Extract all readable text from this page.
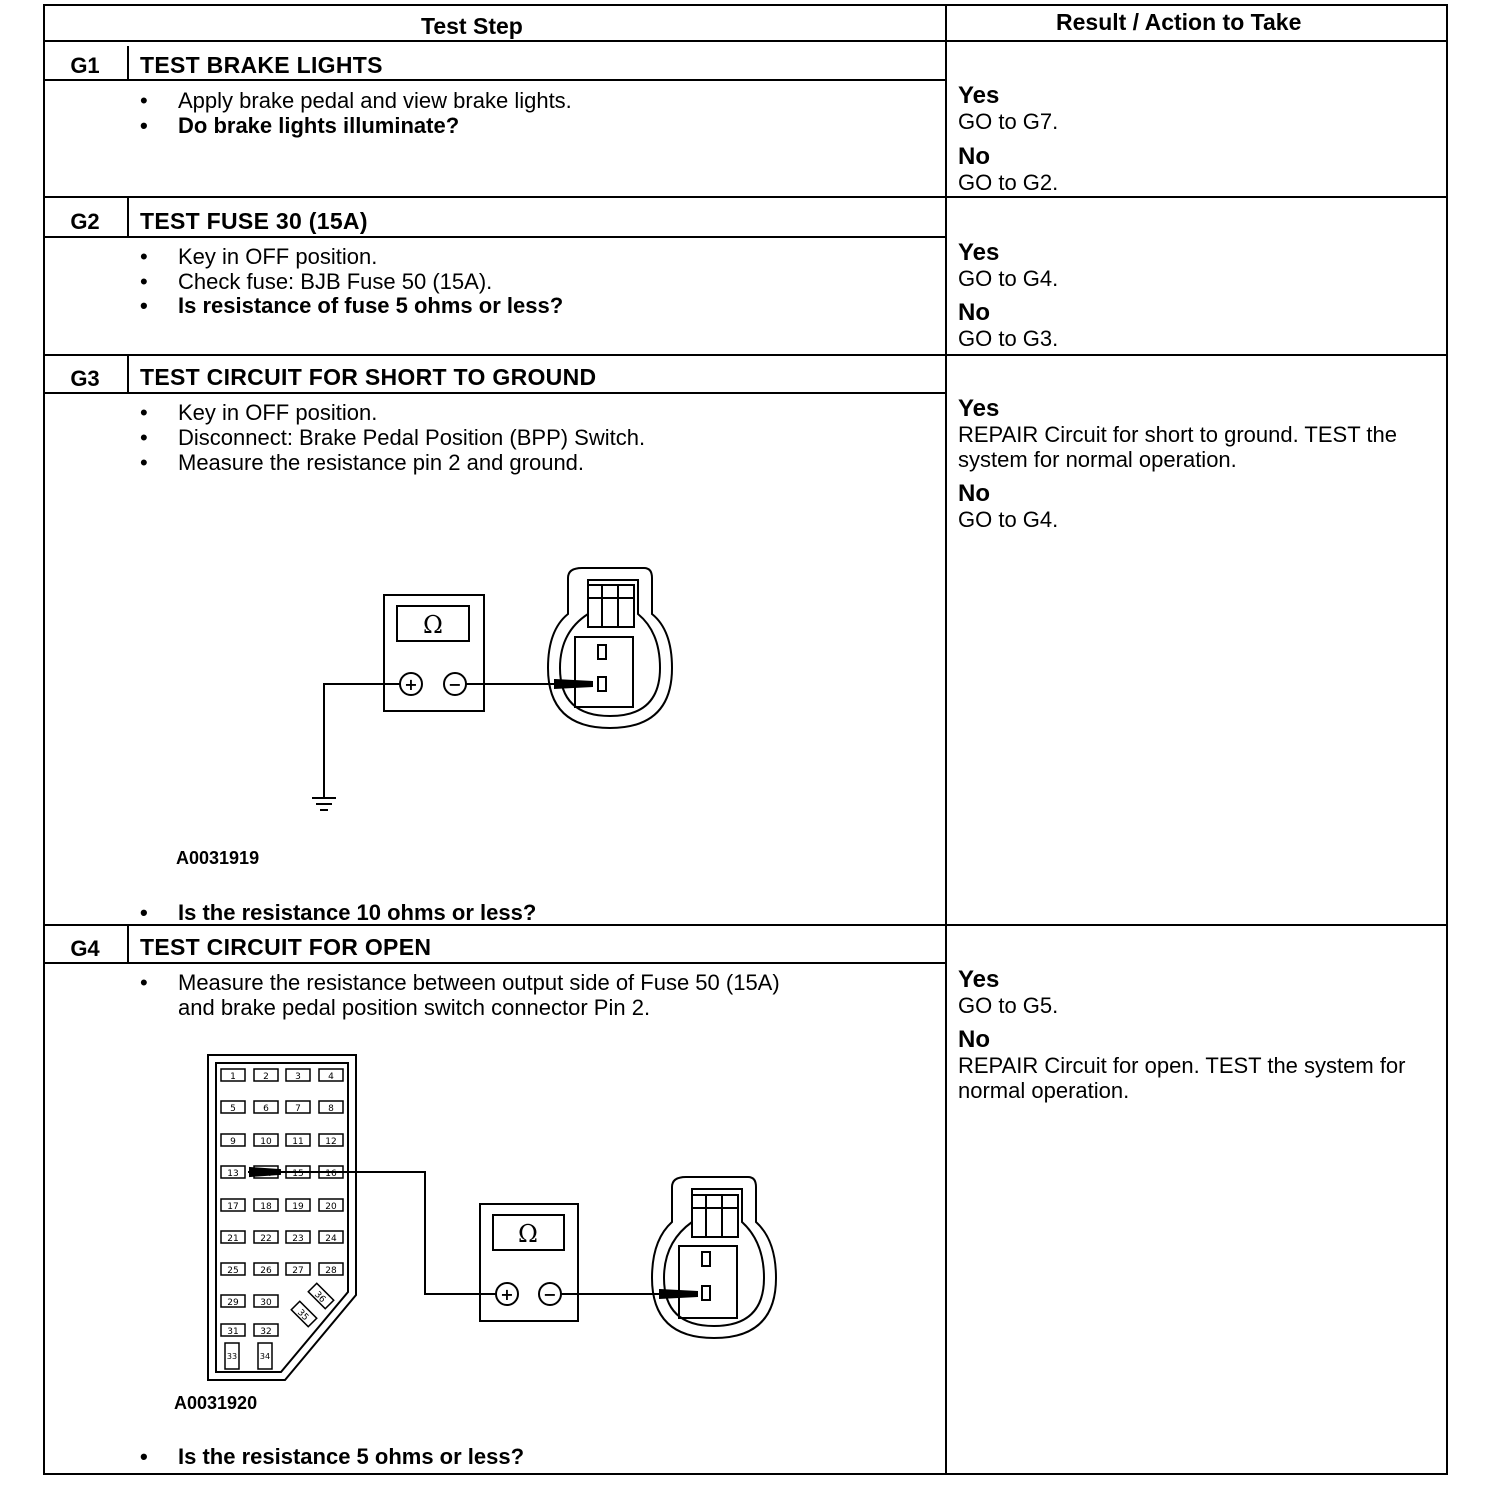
Test Step	Result / Action to Take
G1	TEST BRAKE LIGHTS
• Apply brake pedal and view brake lights.
• Do brake lights illuminate?
Yes
GO to G7.
No
GO to G2.
G2	TEST FUSE 30 (15A)
• Key in OFF position.
• Check fuse: BJB Fuse 50 (15A).
• Is resistance of fuse 5 ohms or less?
Yes
GO to G4.
No
GO to G3.
G3	TEST CIRCUIT FOR SHORT TO GROUND
• Key in OFF position.
• Disconnect: Brake Pedal Position (BPP) Switch.
• Measure the resistance pin 2 and ground.
A0031919
• Is the resistance 10 ohms or less?
Yes
REPAIR Circuit for short to ground. TEST the system for normal operation.
No
GO to G4.
G4	TEST CIRCUIT FOR OPEN
• Measure the resistance between output side of Fuse 50 (15A)
and brake pedal position switch connector Pin 2.
A0031920
• Is the resistance 5 ohms or less?
Yes
GO to G5.
No
REPAIR Circuit for open. TEST the system for normal operation.
1	2	3	4
5	6	7	8
9	10 11 12
13	15 16
17 18 19 20
21 22 23 24
25 26 27 28
29 30
31 32
33	34
35
36
Ω
Ω
+ −
+ −
